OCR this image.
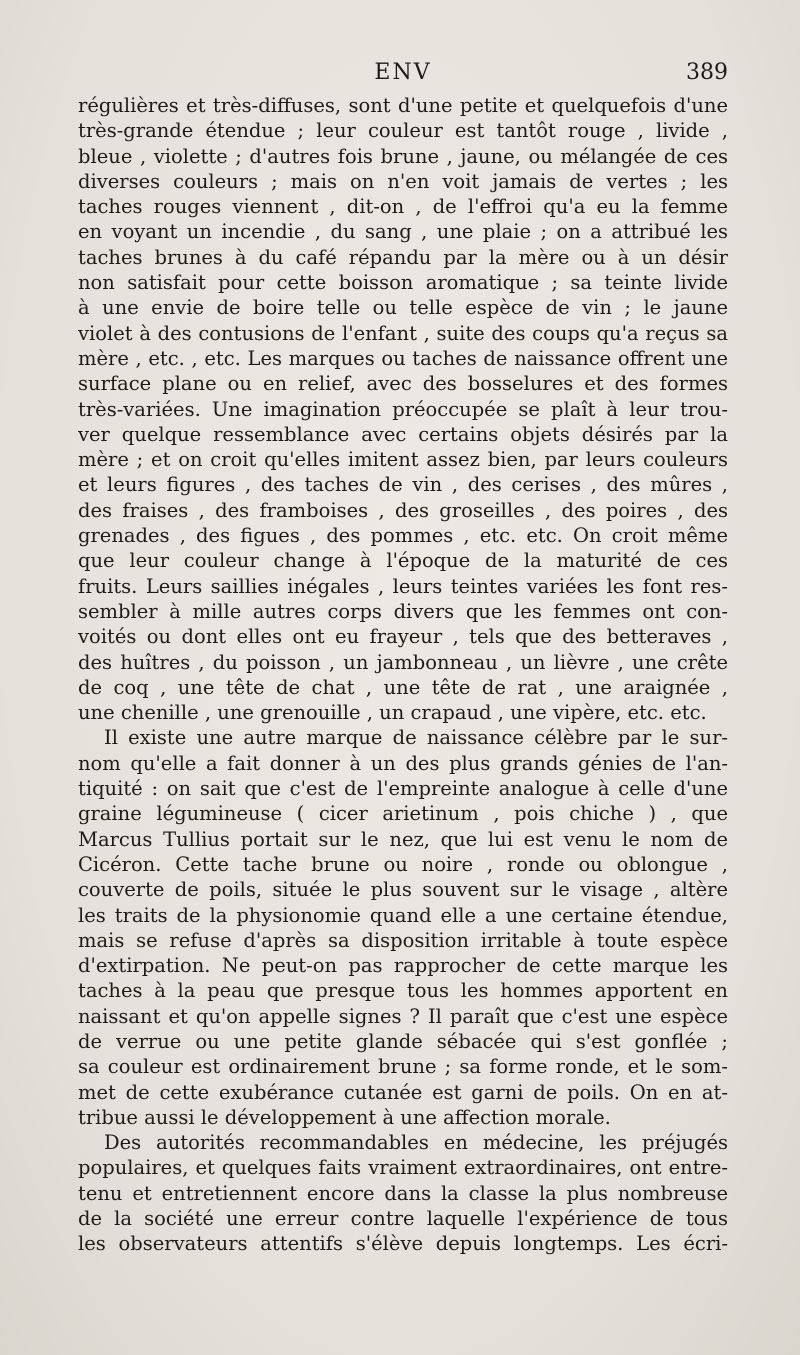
ENV	389
régulières et très-diffuses, sont d'une petite et quelquefois d'une
très-grande étendue ; leur couleur est tantôt rouge , livide ,
bleue , violette ; d'autres fois brune , jaune, ou mélangée de ces
diverses couleurs ; mais on n'en voit jamais de vertes ; les
taches rouges viennent , dit-on , de l'effroi qu'a eu la femme
en voyant un incendie , du sang , une plaie ; on a attribué les
taches brunes à du café répandu par la mère ou à un désir
non satisfait pour cette boisson aromatique ; sa teinte livide
à une envie de boire telle ou telle espèce de vin ; le jaune
violet à des contusions de l'enfant , suite des coups qu'a reçus sa
mère , etc. , etc. Les marques ou taches de naissance offrent une
surface plane ou en relief, avec des bosselures et des formes
très-variées. Une imagination préoccupée se plaît à leur trou-
ver quelque ressemblance avec certains objets désirés par la
mère ; et on croit qu'elles imitent assez bien, par leurs couleurs
et leurs figures , des taches de vin , des cerises , des mûres ,
des fraises , des framboises , des groseilles , des poires , des
grenades , des figues , des pommes , etc. etc. On croit même
que leur couleur change à l'époque de la maturité de ces
fruits. Leurs saillies inégales , leurs teintes variées les font res-
sembler à mille autres corps divers que les femmes ont con-
voités ou dont elles ont eu frayeur , tels que des betteraves ,
des huîtres , du poisson , un jambonneau , un lièvre , une crête
de coq , une tête de chat , une tête de rat , une araignée ,
une chenille , une grenouille , un crapaud , une vipère, etc. etc.
Il existe une autre marque de naissance célèbre par le sur-
nom qu'elle a fait donner à un des plus grands génies de l'an-
tiquité : on sait que c'est de l'empreinte analogue à celle d'une
graine légumineuse ( cicer arietinum , pois chiche ) , que
Marcus Tullius portait sur le nez, que lui est venu le nom de
Cicéron. Cette tache brune ou noire , ronde ou oblongue ,
couverte de poils, située le plus souvent sur le visage , altère
les traits de la physionomie quand elle a une certaine étendue,
mais se refuse d'après sa disposition irritable à toute espèce
d'extirpation. Ne peut-on pas rapprocher de cette marque les
taches à la peau que presque tous les hommes apportent en
naissant et qu'on appelle signes ? Il paraît que c'est une espèce
de verrue ou une petite glande sébacée qui s'est gonflée ;
sa couleur est ordinairement brune ; sa forme ronde, et le som-
met de cette exubérance cutanée est garni de poils. On en at-
tribue aussi le développement à une affection morale.
Des autorités recommandables en médecine, les préjugés
populaires, et quelques faits vraiment extraordinaires, ont entre-
tenu et entretiennent encore dans la classe la plus nombreuse
de la société une erreur contre laquelle l'expérience de tous
les observateurs attentifs s'élève depuis longtemps. Les écri-
